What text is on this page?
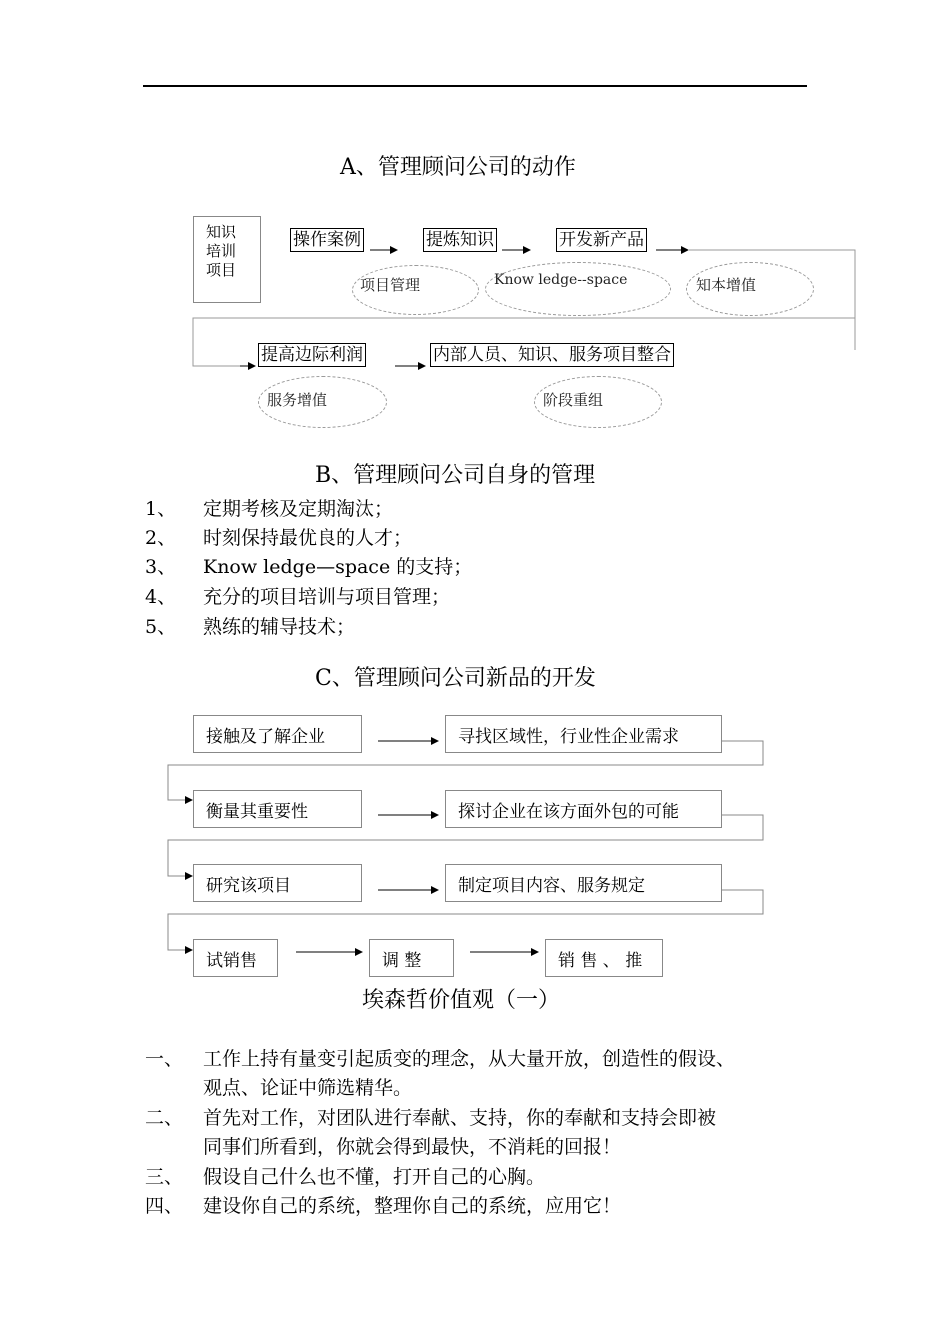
A、管理顾问公司的动作
知识
培训
项目
操作案例	提炼知识	开发新产品
提高边际利润	内部人员、知识、服务项目整合
项目管理	Know ledge--space	知本增值
服务增值	阶段重组
B、管理顾问公司自身的管理
1、 定期考核及定期淘汰；
2、 时刻保持最优良的人才；
3、 Know ledge—space 的支持；
4、 充分的项目培训与项目管理；
5、 熟练的辅导技术；
C、管理顾问公司新品的开发
接触及了解企业	寻找区域性，行业性企业需求
衡量其重要性	探讨企业在该方面外包的可能
研究该项目	制定项目内容、服务规定
试销售	调 整	销 售 、 推
埃森哲价值观（一）
一、 工作上持有量变引起质变的理念，从大量开放，创造性的假设、
观点、论证中筛选精华。
二、 首先对工作，对团队进行奉献、支持，你的奉献和支持会即被
同事们所看到，你就会得到最快，不消耗的回报！
三、 假设自己什么也不懂，打开自己的心胸。
四、 建设你自己的系统，整理你自己的系统，应用它！
